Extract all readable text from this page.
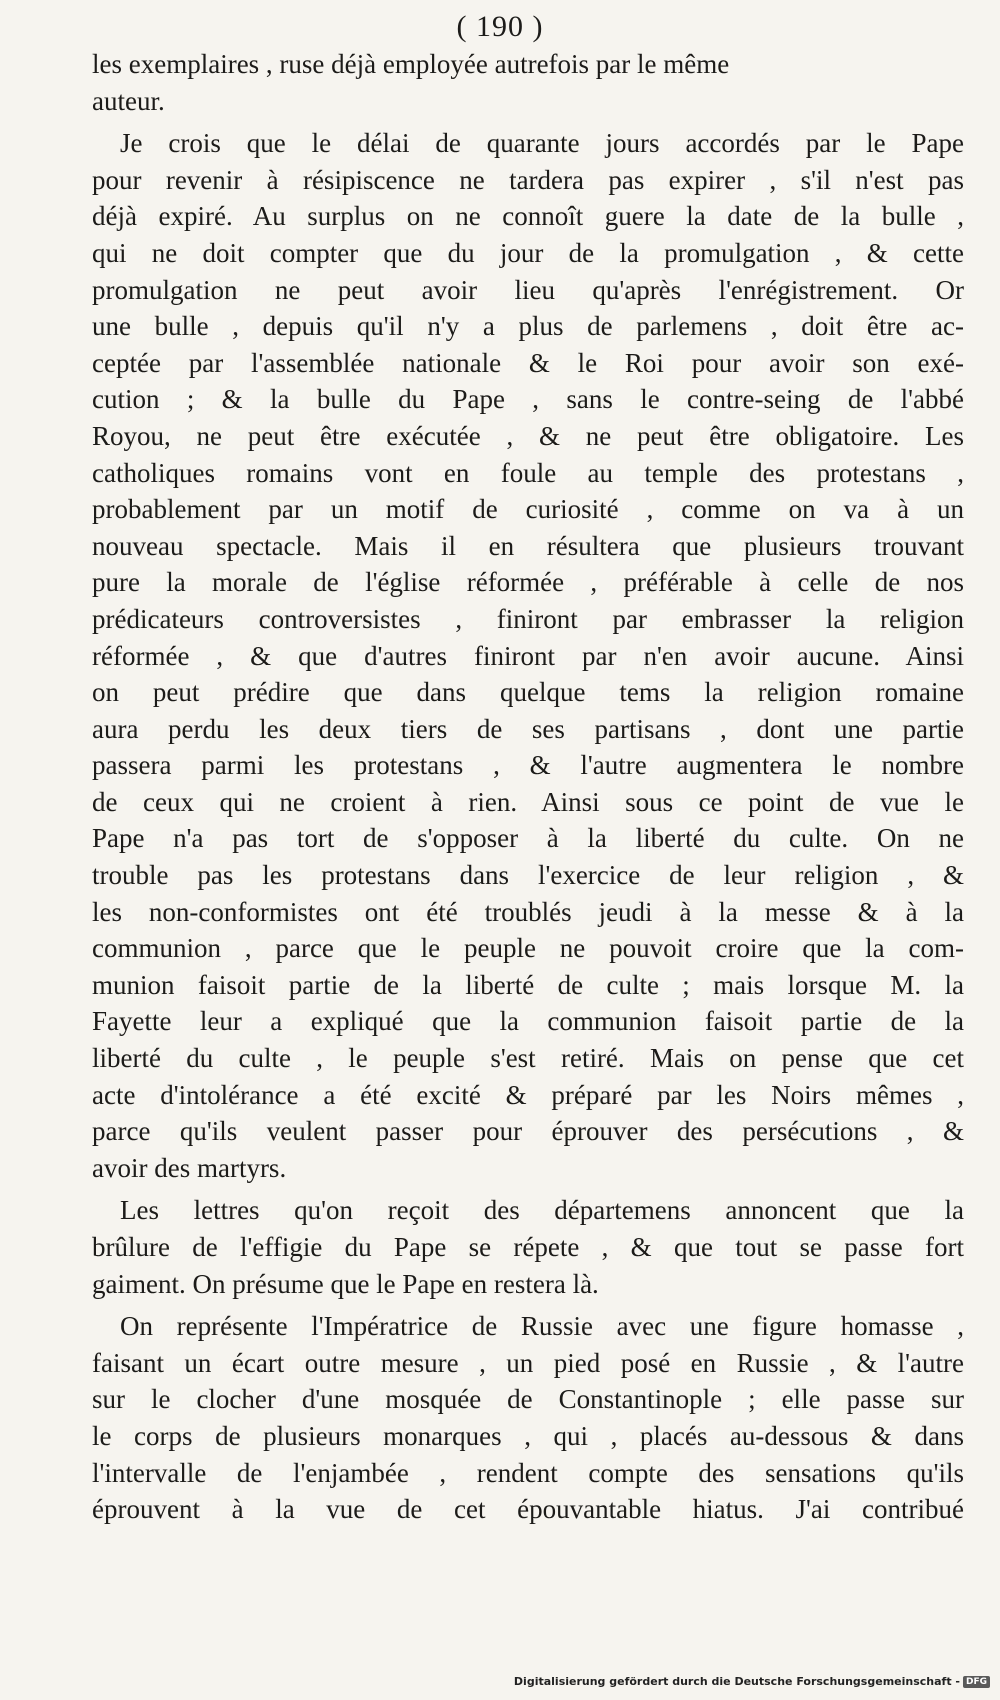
( 190 )
les exemplaires , ruse déjà employée autrefois par le même
auteur.
Je crois que le délai de quarante jours accordés par le Pape
pour revenir à résipiscence ne tardera pas expirer , s'il n'est pas
déjà expiré. Au surplus on ne connoît guere la date de la bulle ,
qui ne doit compter que du jour de la promulgation , & cette
promulgation ne peut avoir lieu qu'après l'enrégistrement. Or
une bulle , depuis qu'il n'y a plus de parlemens , doit être ac-
ceptée par l'assemblée nationale & le Roi pour avoir son exé-
cution ; & la bulle du Pape , sans le contre-seing de l'abbé
Royou, ne peut être exécutée , & ne peut être obligatoire. Les
catholiques romains vont en foule au temple des protestans ,
probablement par un motif de curiosité , comme on va à un
nouveau spectacle. Mais il en résultera que plusieurs trouvant
pure la morale de l'église réformée , préférable à celle de nos
prédicateurs controversistes , finiront par embrasser la religion
réformée , & que d'autres finiront par n'en avoir aucune. Ainsi
on peut prédire que dans quelque tems la religion romaine
aura perdu les deux tiers de ses partisans , dont une partie
passera parmi les protestans , & l'autre augmentera le nombre
de ceux qui ne croient à rien. Ainsi sous ce point de vue le
Pape n'a pas tort de s'opposer à la liberté du culte. On ne
trouble pas les protestans dans l'exercice de leur religion , &
les non-conformistes ont été troublés jeudi à la messe & à la
communion , parce que le peuple ne pouvoit croire que la com-
munion faisoit partie de la liberté de culte ; mais lorsque M. la
Fayette leur a expliqué que la communion faisoit partie de la
liberté du culte , le peuple s'est retiré. Mais on pense que cet
acte d'intolérance a été excité & préparé par les Noirs mêmes ,
parce qu'ils veulent passer pour éprouver des persécutions , &
avoir des martyrs.
Les lettres qu'on reçoit des départemens annoncent que la
brûlure de l'effigie du Pape se répete , & que tout se passe fort
gaiment. On présume que le Pape en restera là.
On représente l'Impératrice de Russie avec une figure homasse ,
faisant un écart outre mesure , un pied posé en Russie , & l'autre
sur le clocher d'une mosquée de Constantinople ; elle passe sur
le corps de plusieurs monarques , qui , placés au-dessous & dans
l'intervalle de l'enjambée , rendent compte des sensations qu'ils
éprouvent à la vue de cet épouvantable hiatus. J'ai contribué
Digitalisierung gefördert durch die Deutsche Forschungsgemeinschaft - DFG
